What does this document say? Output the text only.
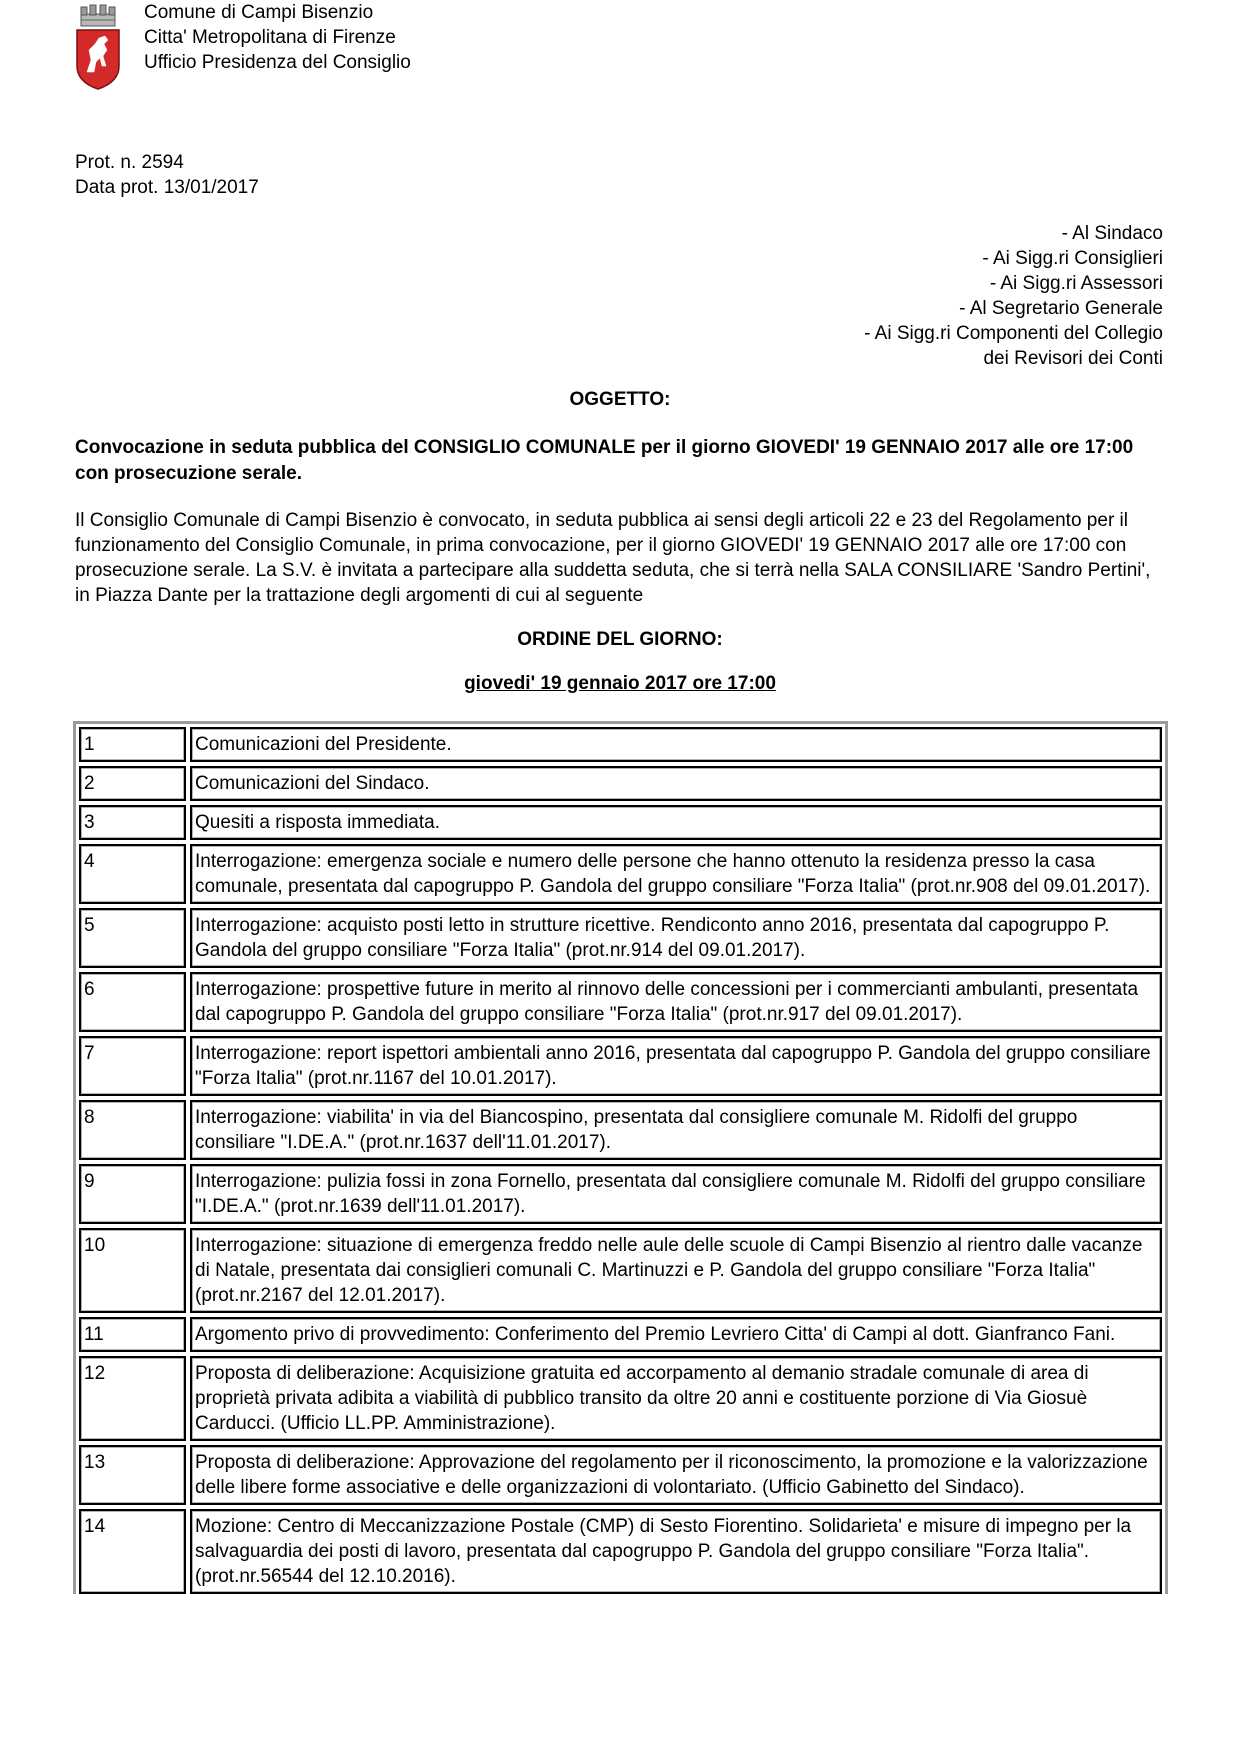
Comune di Campi Bisenzio
Citta' Metropolitana di Firenze
Ufficio Presidenza del Consiglio
Prot. n. 2594
Data prot. 13/01/2017
- Al Sindaco
- Ai Sigg.ri Consiglieri
- Ai Sigg.ri Assessori
- Al Segretario Generale
- Ai Sigg.ri Componenti del Collegio
dei Revisori dei Conti
OGGETTO:
Convocazione in seduta pubblica del CONSIGLIO COMUNALE per il giorno GIOVEDI' 19 GENNAIO 2017 alle ore 17:00 con prosecuzione serale.
Il Consiglio Comunale di Campi Bisenzio è convocato, in seduta pubblica ai sensi degli articoli 22 e 23 del Regolamento per il funzionamento del Consiglio Comunale, in prima convocazione, per il giorno GIOVEDI' 19 GENNAIO 2017 alle ore 17:00 con prosecuzione serale. La S.V. è invitata a partecipare alla suddetta seduta, che si terrà nella SALA CONSILIARE 'Sandro Pertini', in Piazza Dante per la trattazione degli argomenti di cui al seguente
ORDINE DEL GIORNO:
giovedi' 19 gennaio 2017 ore 17:00
1	Comunicazioni del Presidente.
2	Comunicazioni del Sindaco.
3	Quesiti a risposta immediata.
4	Interrogazione: emergenza sociale e numero delle persone che hanno ottenuto la residenza presso la casa comunale, presentata dal capogruppo P. Gandola del gruppo consiliare "Forza Italia" (prot.nr.908 del 09.01.2017).
5	Interrogazione: acquisto posti letto in strutture ricettive. Rendiconto anno 2016, presentata dal capogruppo P. Gandola del gruppo consiliare "Forza Italia" (prot.nr.914 del 09.01.2017).
6	Interrogazione: prospettive future in merito al rinnovo delle concessioni per i commercianti ambulanti, presentata dal capogruppo P. Gandola del gruppo consiliare "Forza Italia" (prot.nr.917 del 09.01.2017).
7	Interrogazione: report ispettori ambientali anno 2016, presentata dal capogruppo P. Gandola del gruppo consiliare "Forza Italia" (prot.nr.1167 del 10.01.2017).
8	Interrogazione: viabilita' in via del Biancospino, presentata dal consigliere comunale M. Ridolfi del gruppo consiliare "I.DE.A." (prot.nr.1637 dell'11.01.2017).
9	Interrogazione: pulizia fossi in zona Fornello, presentata dal consigliere comunale M. Ridolfi del gruppo consiliare "I.DE.A." (prot.nr.1639 dell'11.01.2017).
10	Interrogazione: situazione di emergenza freddo nelle aule delle scuole di Campi Bisenzio al rientro dalle vacanze di Natale, presentata dai consiglieri comunali C. Martinuzzi e P. Gandola del gruppo consiliare "Forza Italia" (prot.nr.2167 del 12.01.2017).
11	Argomento privo di provvedimento: Conferimento del Premio Levriero Citta' di Campi al dott. Gianfranco Fani.
12	Proposta di deliberazione: Acquisizione gratuita ed accorpamento al demanio stradale comunale di area di proprietà privata adibita a viabilità di pubblico transito da oltre 20 anni e costituente porzione di Via Giosuè Carducci. (Ufficio LL.PP. Amministrazione).
13	Proposta di deliberazione: Approvazione del regolamento per il riconoscimento, la promozione e la valorizzazione delle libere forme associative e delle organizzazioni di volontariato. (Ufficio Gabinetto del Sindaco).
14	Mozione: Centro di Meccanizzazione Postale (CMP) di Sesto Fiorentino. Solidarieta' e misure di impegno per la salvaguardia dei posti di lavoro, presentata dal capogruppo P. Gandola del gruppo consiliare "Forza Italia". (prot.nr.56544 del 12.10.2016).
